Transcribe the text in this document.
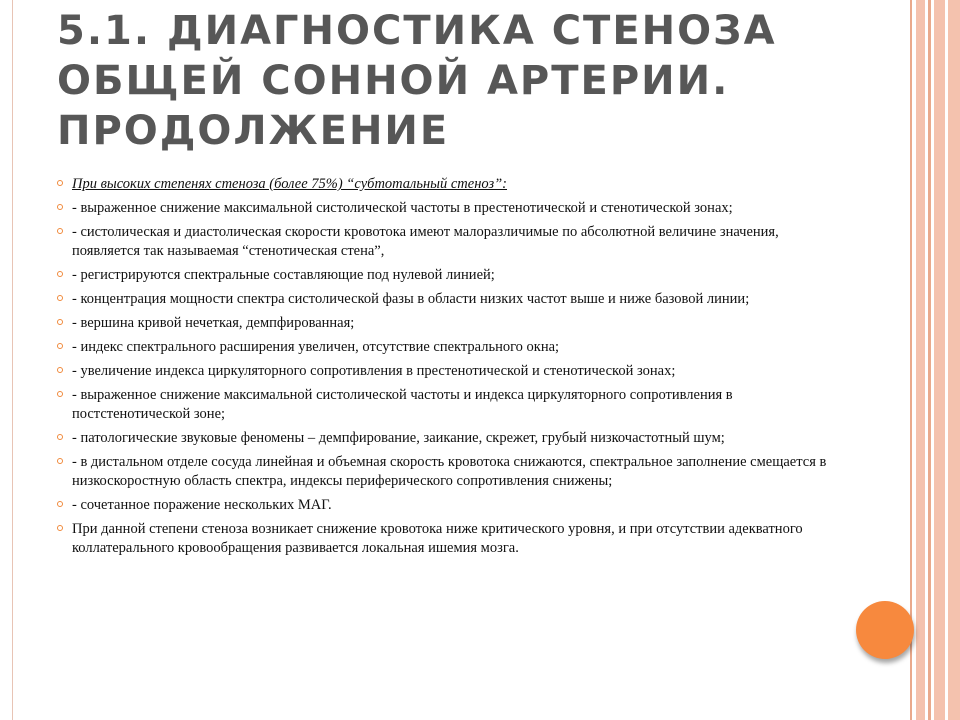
5.1. ДИАГНОСТИКА СТЕНОЗА ОБЩЕЙ СОННОЙ АРТЕРИИ. ПРОДОЛЖЕНИЕ
При высоких степенях стеноза (более 75%) “субтотальный стеноз”:
- выраженное снижение максимальной систолической частоты в престенотической и стенотической зонах;
- систолическая и диастолическая скорости кровотока имеют малоразличимые по абсолютной величине значения, появляется так называемая “стенотическая стена”,
- регистрируются спектральные составляющие под нулевой линией;
- концентрация мощности спектра систолической фазы в области низких частот выше и ниже базовой линии;
- вершина кривой нечеткая, демпфированная;
- индекс спектрального расширения увеличен, отсутствие спектрального окна;
- увеличение индекса циркуляторного сопротивления в престенотической и стенотической зонах;
- выраженное снижение максимальной систолической частоты и индекса циркуляторного сопротивления в постстенотической зоне;
- патологические звуковые феномены – демпфирование, заикание, скрежет, грубый низкочастотный шум;
- в дистальном отделе сосуда линейная и объемная скорость кровотока снижаются, спектральное заполнение смещается в низкоскоростную область спектра, индексы периферического сопротивления снижены;
- сочетанное поражение нескольких МАГ.
При данной степени стеноза возникает снижение кровотока ниже критического уровня, и при отсутствии адекватного коллатерального кровообращения развивается локальная ишемия мозга.
